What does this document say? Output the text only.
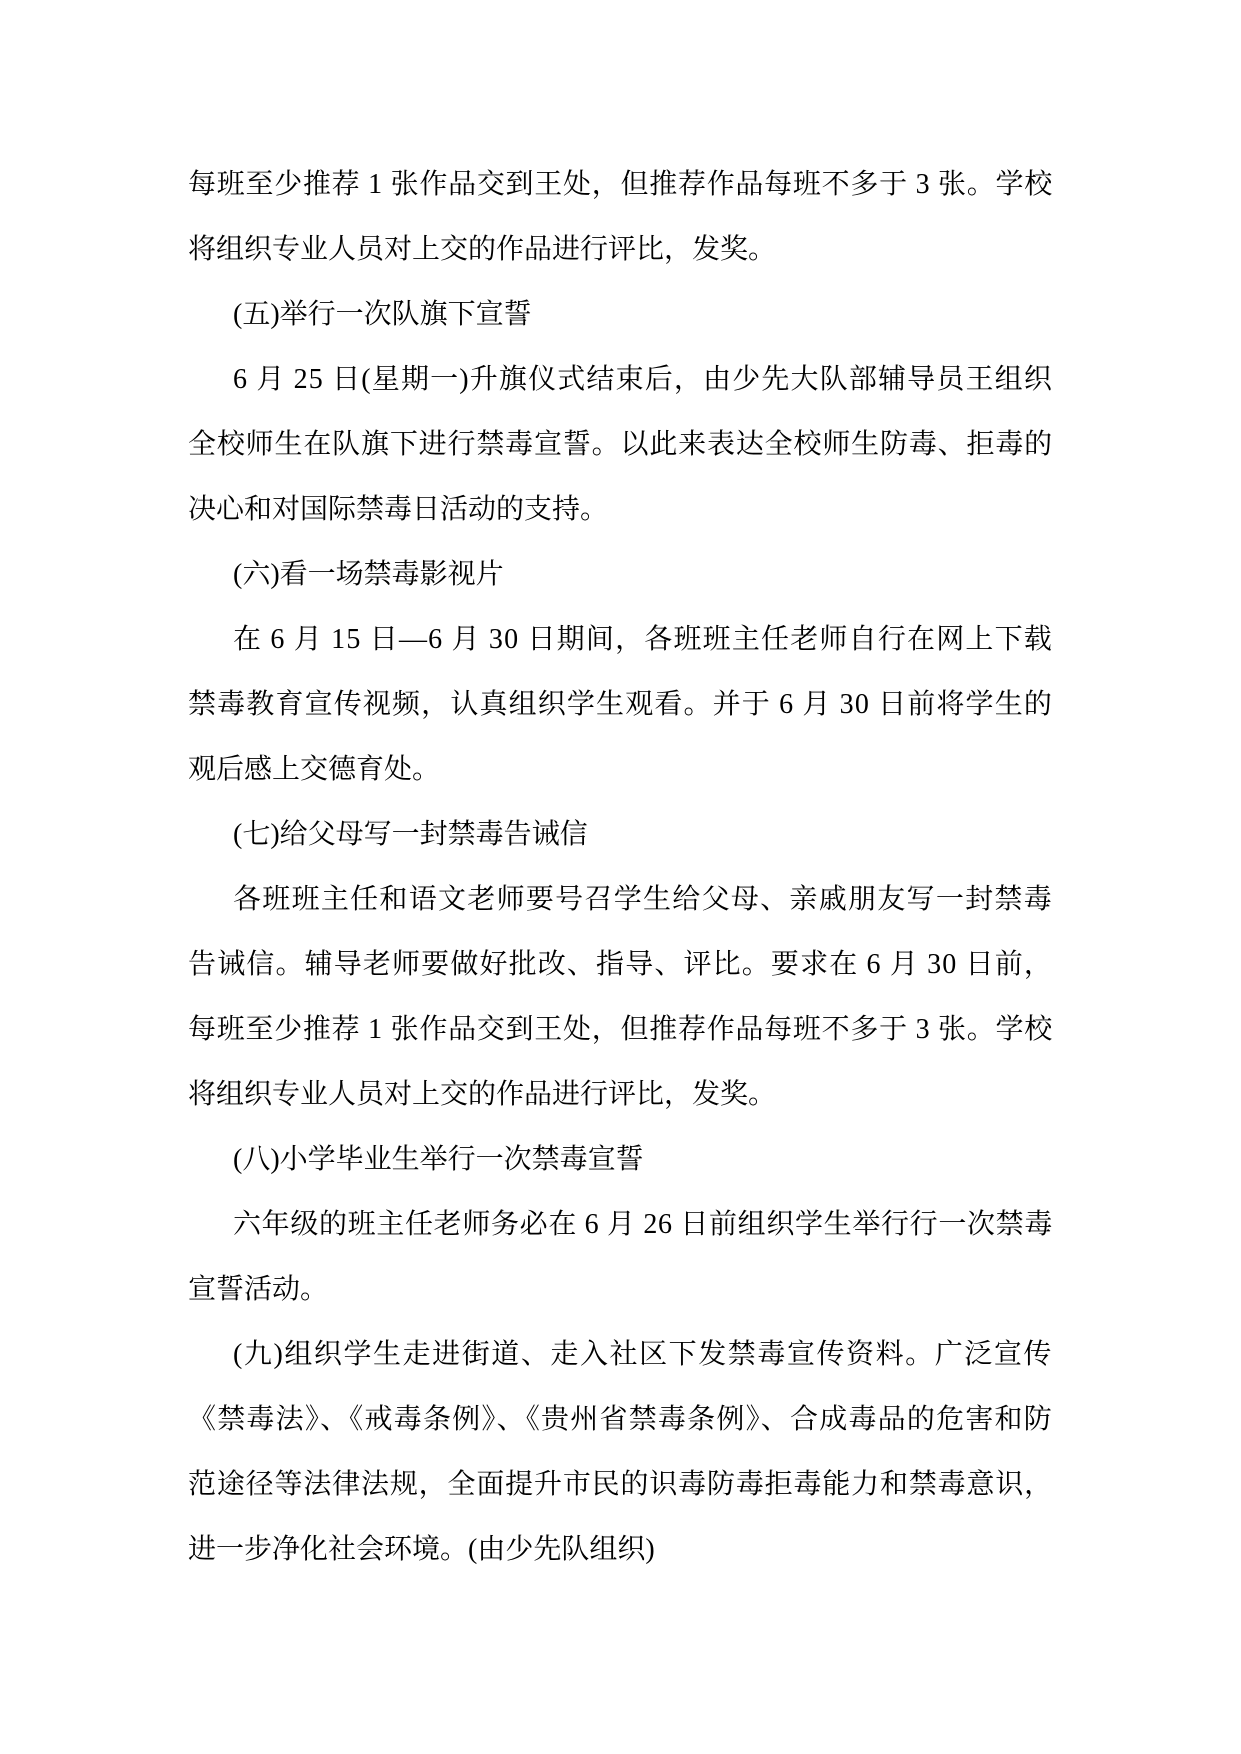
每班至少推荐 1 张作品交到王处，但推荐作品每班不多于 3 张。学校
将组织专业人员对上交的作品进行评比，发奖。
(五)举行一次队旗下宣誓
6 月 25 日(星期一)升旗仪式结束后，由少先大队部辅导员王组织
全校师生在队旗下进行禁毒宣誓。以此来表达全校师生防毒、拒毒的
决心和对国际禁毒日活动的支持。
(六)看一场禁毒影视片
在 6 月 15 日—6 月 30 日期间，各班班主任老师自行在网上下载
禁毒教育宣传视频，认真组织学生观看。并于 6 月 30 日前将学生的
观后感上交德育处。
(七)给父母写一封禁毒告诫信
各班班主任和语文老师要号召学生给父母、亲戚朋友写一封禁毒
告诫信。辅导老师要做好批改、指导、评比。要求在 6 月 30 日前，
每班至少推荐 1 张作品交到王处，但推荐作品每班不多于 3 张。学校
将组织专业人员对上交的作品进行评比，发奖。
(八)小学毕业生举行一次禁毒宣誓
六年级的班主任老师务必在 6 月 26 日前组织学生举行行一次禁毒
宣誓活动。
(九)组织学生走进街道、走入社区下发禁毒宣传资料。广泛宣传
《禁毒法》、《戒毒条例》、《贵州省禁毒条例》、合成毒品的危害和防
范途径等法律法规，全面提升市民的识毒防毒拒毒能力和禁毒意识，
进一步净化社会环境。(由少先队组织)
